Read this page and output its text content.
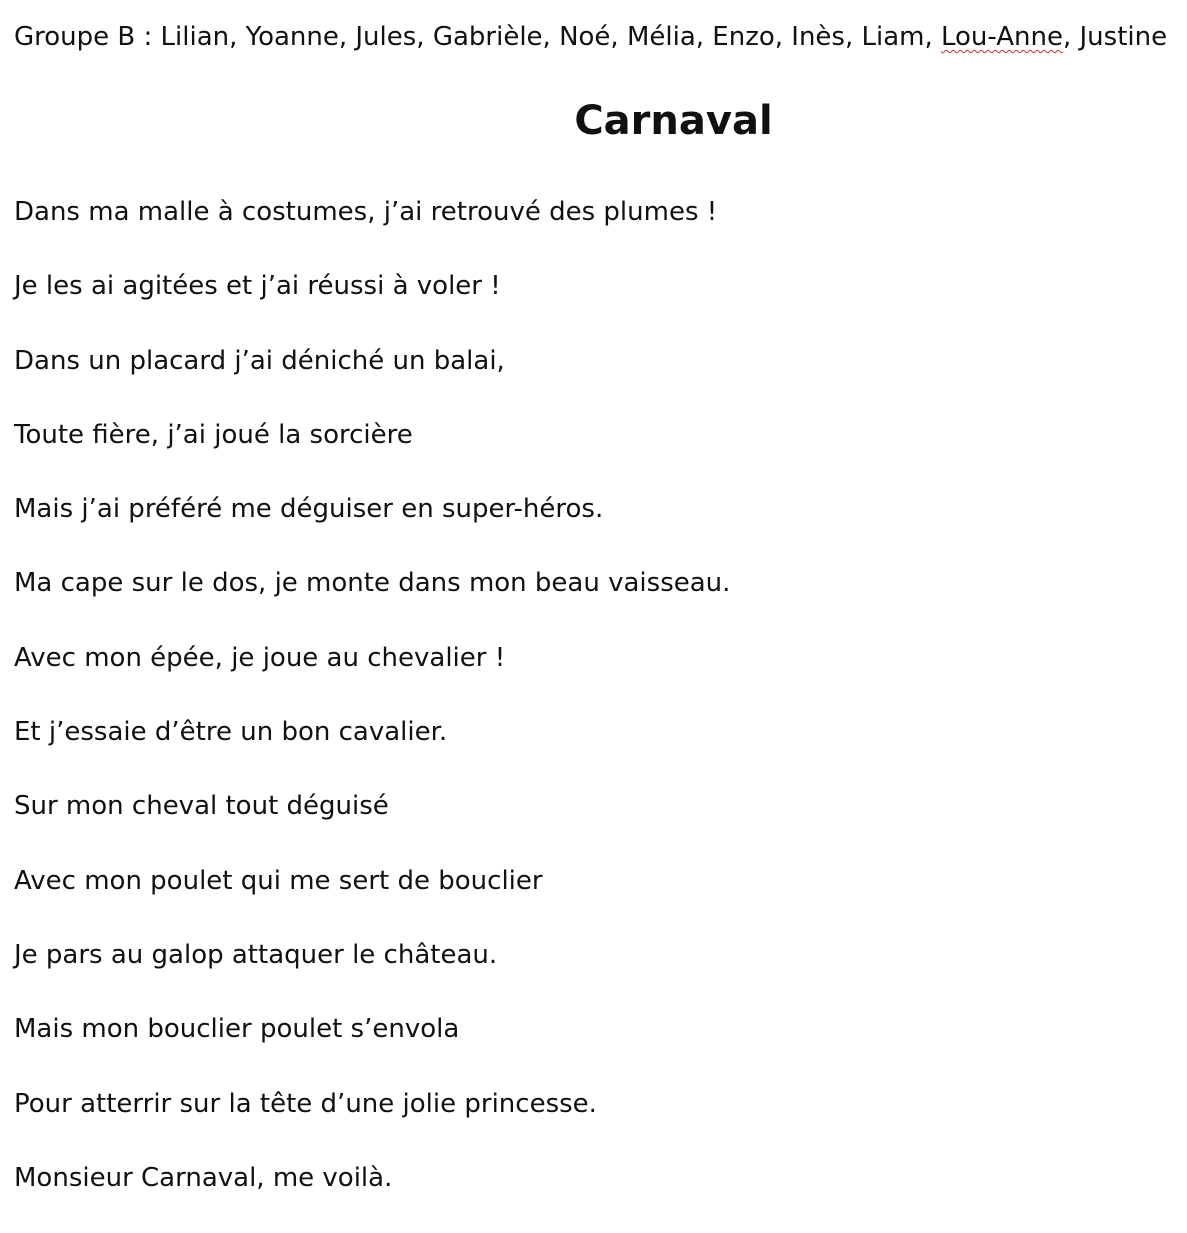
Groupe B : Lilian, Yoanne, Jules, Gabrièle, Noé, Mélia, Enzo, Inès, Liam, Lou-Anne, Justine
Carnaval
Dans ma malle à costumes, j’ai retrouvé des plumes !
Je les ai agitées et j’ai réussi à voler !
Dans un placard j’ai déniché un balai,
Toute fière, j’ai joué la sorcière
Mais j’ai préféré me déguiser en super-héros.
Ma cape sur le dos, je monte dans mon beau vaisseau.
Avec mon épée, je joue au chevalier !
Et j’essaie d’être un bon cavalier.
Sur mon cheval tout déguisé
Avec mon poulet qui me sert de bouclier
Je pars au galop attaquer le château.
Mais mon bouclier poulet s’envola
Pour atterrir sur la tête d’une jolie princesse.
Monsieur Carnaval, me voilà.
